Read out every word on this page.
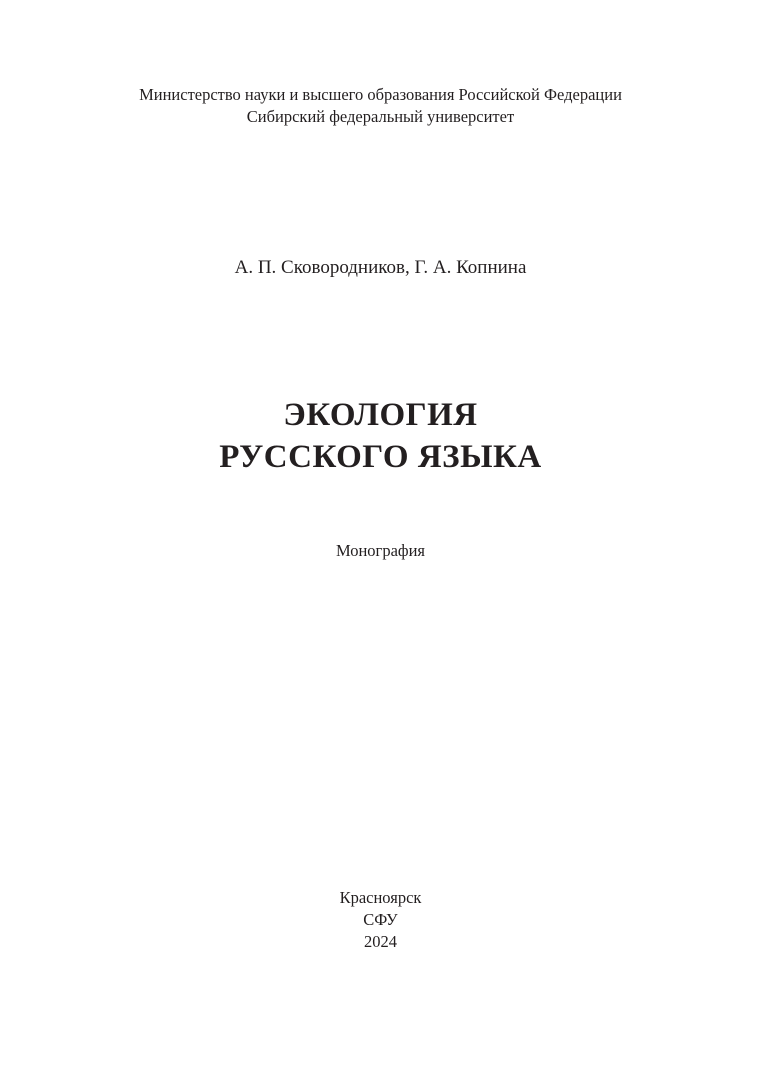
Министерство науки и высшего образования Российской Федерации
Сибирский федеральный университет
А. П. Сковородников, Г. А. Копнина
ЭКОЛОГИЯ
РУССКОГО ЯЗЫКА
Монография
Красноярск
СФУ
2024
